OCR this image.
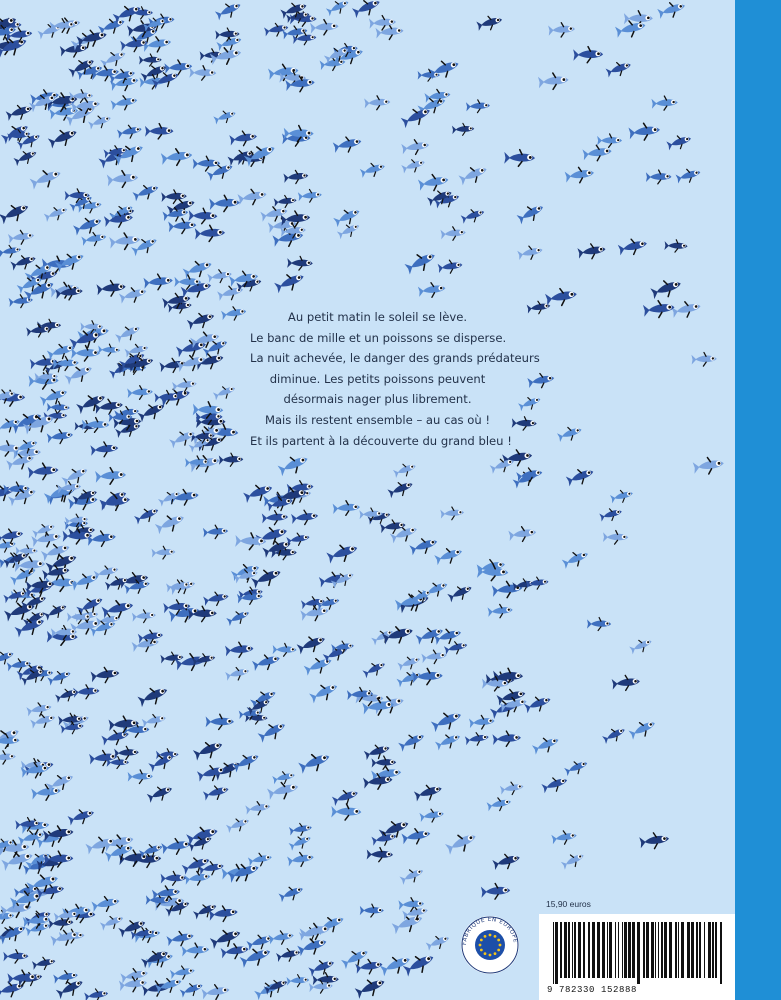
Au petit matin le soleil se lève.
Le banc de mille et un poissons se disperse.
La nuit achevée, le danger des grands prédateurs
diminue. Les petits poissons peuvent
désormais nager plus librement.
Mais ils restent ensemble – au cas où !
Et ils partent à la découverte du grand bleu !
15,90 euros
FABRIQUÉ EN EUROPE
9 782330 152888
